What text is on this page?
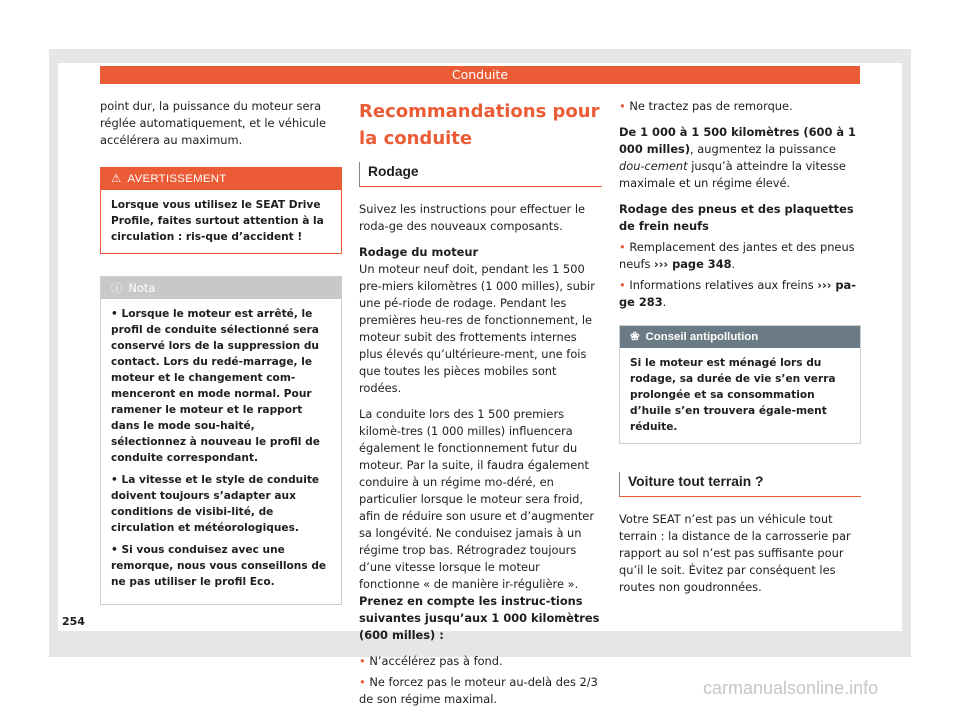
Conduite

point dur, la puissance du moteur sera réglée automatiquement, et le véhicule accélérera au maximum.

⚠ AVERTISSEMENT
Lorsque vous utilisez le SEAT Drive Profile, faites surtout attention à la circulation : ris-que d’accident !
ⓘ Nota

• Lorsque le moteur est arrêté, le profil de conduite sélectionné sera conservé lors de la suppression du contact. Lors du redé-marrage, le moteur et le changement com-menceront en mode normal. Pour ramener le moteur et le rapport dans le mode sou-haité, sélectionnez à nouveau le profil de conduite correspondant.

• La vitesse et le style de conduite doivent toujours s’adapter aux conditions de visibi-lité, de circulation et météorologiques.

• Si vous conduisez avec une remorque, nous vous conseillons de ne pas utiliser le profil Eco.

Recommandations pour la conduite
Rodage

Suivez les instructions pour effectuer le roda-ge des nouveaux composants.

Rodage du moteur

Un moteur neuf doit, pendant les 1 500 pre-miers kilomètres (1 000 milles), subir une pé-riode de rodage. Pendant les premières heu-res de fonctionnement, le moteur subit des frottements internes plus élevés qu’ultérieure-ment, une fois que toutes les pièces mobiles sont rodées.

La conduite lors des 1 500 premiers kilomè-tres (1 000 milles) influencera également le fonctionnement futur du moteur. Par la suite, il faudra également conduire à un régime mo-déré, en particulier lorsque le moteur sera froid, afin de réduire son usure et d’augmenter sa longévité. Ne conduisez jamais à un régime trop bas. Rétrogradez toujours d’une vitesse lorsque le moteur fonctionne « de manière ir-régulière ». Prenez en compte les instruc-tions suivantes jusqu’aux 1 000 kilomètres (600 milles) :

• N’accélérez pas à fond.

• Ne forcez pas le moteur au-delà des 2/3 de son régime maximal.

• Ne tractez pas de remorque.

De 1 000 à 1 500 kilomètres (600 à 1 000 milles), augmentez la puissance dou-cement jusqu’à atteindre la vitesse maximale et un régime élevé.

Rodage des pneus et des plaquettes de frein neufs

• Remplacement des jantes et des pneus neufs ››› page 348.

• Informations relatives aux freins ››› pa-ge 283.

❀ Conseil antipollution
Si le moteur est ménagé lors du rodage, sa durée de vie s’en verra prolongée et sa consommation d’huile s’en trouvera égale-ment réduite.
Voiture tout terrain ?

Votre SEAT n’est pas un véhicule tout terrain : la distance de la carrosserie par rapport au sol n’est pas suffisante pour qu’il le soit. Évitez par conséquent les routes non goudronnées.

254
carmanualsonline.info
